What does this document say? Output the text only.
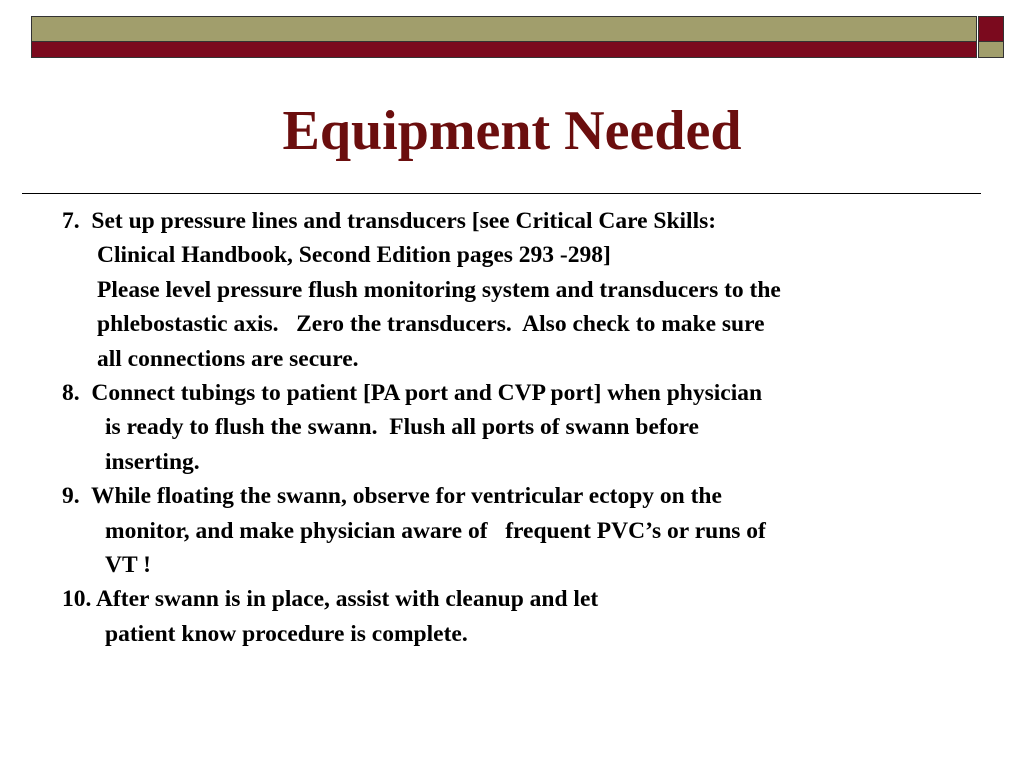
Equipment Needed
7.  Set up pressure lines and transducers [see Critical Care Skills:
Clinical Handbook, Second Edition pages 293 -298]
Please level pressure flush monitoring system and transducers to the
phlebostastic axis.   Zero the transducers.  Also check to make sure
all connections are secure.
8.  Connect tubings to patient [PA port and CVP port] when physician
is ready to flush the swann.  Flush all ports of swann before
inserting.
9.  While floating the swann, observe for ventricular ectopy on the
monitor, and make physician aware of   frequent PVC’s or runs of
VT !
10. After swann is in place, assist with cleanup and let
patient know procedure is complete.
